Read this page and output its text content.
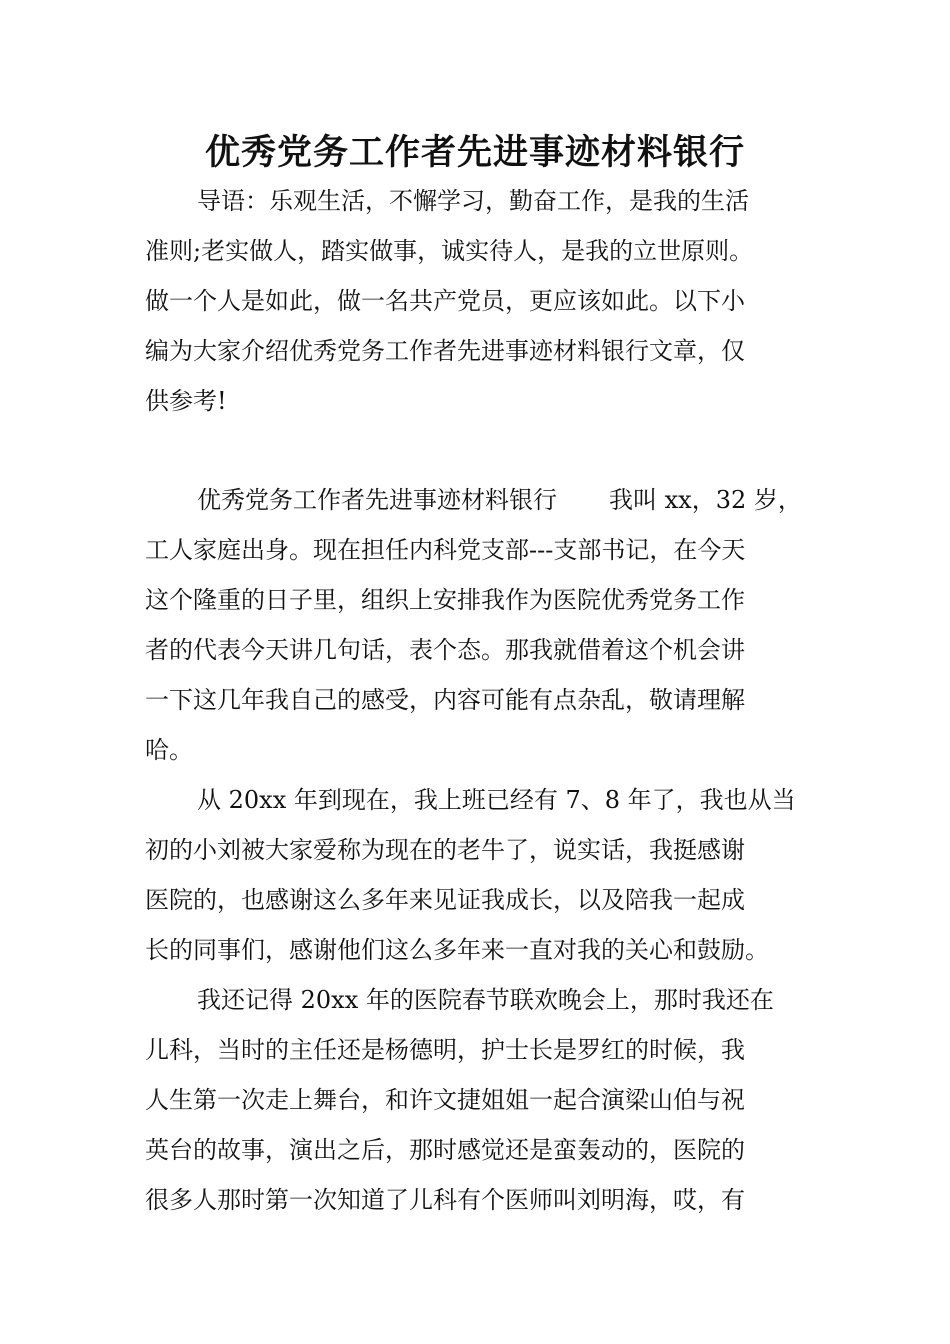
优秀党务工作者先进事迹材料银行

导语：乐观生活，不懈学习，勤奋工作，是我的生活

准则;老实做人，踏实做事，诚实待人，是我的立世原则。

做一个人是如此，做一名共产党员，更应该如此。以下小

编为大家介绍优秀党务工作者先进事迹材料银行文章，仅

供参考!

优秀党务工作者先进事迹材料银行 我叫 xx，32 岁，

工人家庭出身。现在担任内科党支部---支部书记，在今天

这个隆重的日子里，组织上安排我作为医院优秀党务工作

者的代表今天讲几句话，表个态。那我就借着这个机会讲

一下这几年我自己的感受，内容可能有点杂乱，敬请理解

哈。

从 20xx 年到现在，我上班已经有 7、8 年了，我也从当

初的小刘被大家爱称为现在的老牛了，说实话，我挺感谢

医院的，也感谢这么多年来见证我成长，以及陪我一起成

长的同事们，感谢他们这么多年来一直对我的关心和鼓励。

我还记得 20xx 年的医院春节联欢晚会上，那时我还在

儿科，当时的主任还是杨德明，护士长是罗红的时候，我

人生第一次走上舞台，和许文捷姐姐一起合演梁山伯与祝

英台的故事，演出之后，那时感觉还是蛮轰动的，医院的

很多人那时第一次知道了儿科有个医师叫刘明海，哎，有
